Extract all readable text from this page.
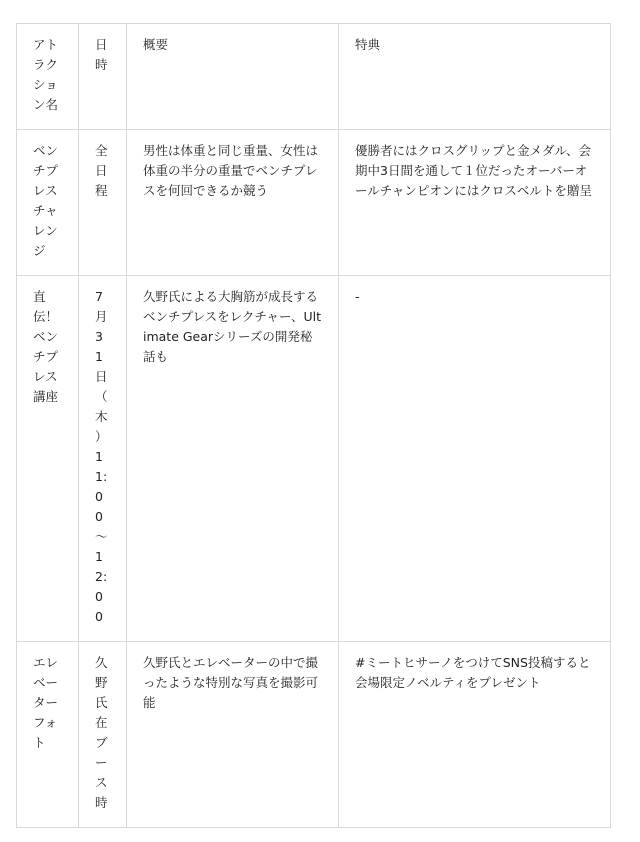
アトラクション名	日時	概要	特典
ベンチプレスチャレンジ	全日程	男性は体重と同じ重量、女性は体重の半分の重量でベンチプレスを何回できるか競う	優勝者にはクロスグリップと金メダル、会期中3日間を通して１位だったオーバーオールチャンピオンにはクロスベルトを贈呈
直伝！ベンチプレス講座	7月31日（木）11:00～12:00	久野氏による大胸筋が成長するベンチプレスをレクチャー、Ultimate Gearシリーズの開発秘話も	-
エレベーターフォト	久野氏在ブース時	久野氏とエレベーターの中で撮ったような特別な写真を撮影可能	#ミートヒサーノをつけてSNS投稿すると会場限定ノベルティをプレゼント
